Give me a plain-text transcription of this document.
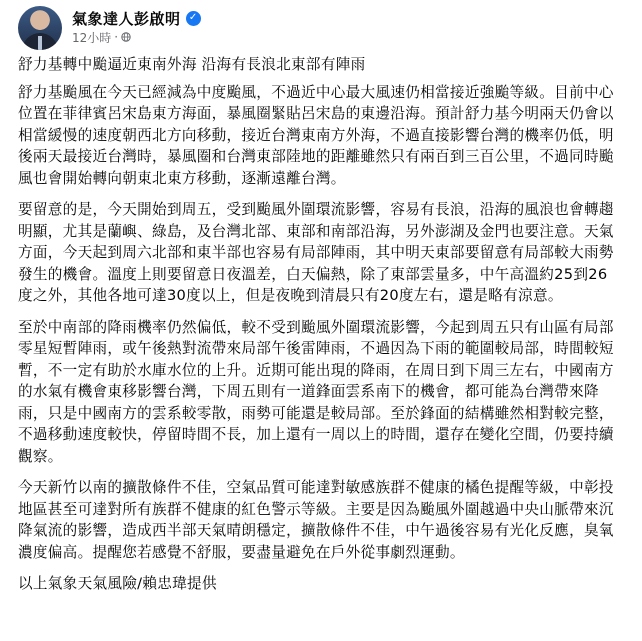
氣象達人彭啟明 ✓
12小時 ·

舒力基轉中颱逼近東南外海 沿海有長浪北東部有陣雨

舒力基颱風在今天已經減為中度颱風，不過近中心最大風速仍相當接近強颱等級。目前中心位置在菲律賓呂宋島東方海面，暴風圈緊貼呂宋島的東邊沿海。預計舒力基今明兩天仍會以相當緩慢的速度朝西北方向移動，接近台灣東南方外海，不過直接影響台灣的機率仍低，明後兩天最接近台灣時，暴風圈和台灣東部陸地的距離雖然只有兩百到三百公里，不過同時颱風也會開始轉向朝東北東方移動，逐漸遠離台灣。

要留意的是，今天開始到周五，受到颱風外圍環流影響，容易有長浪，沿海的風浪也會轉趨明顯，尤其是蘭嶼、綠島，及台灣北部、東部和南部沿海，另外澎湖及金門也要注意。天氣方面，今天起到周六北部和東半部也容易有局部陣雨，其中明天東部要留意有局部較大雨勢發生的機會。溫度上則要留意日夜溫差，白天偏熱，除了東部雲量多，中午高溫約25到26度之外，其他各地可達30度以上，但是夜晚到清晨只有20度左右，還是略有涼意。

至於中南部的降雨機率仍然偏低，較不受到颱風外圍環流影響，今起到周五只有山區有局部零星短暫陣雨，或午後熱對流帶來局部午後雷陣雨，不過因為下雨的範圍較局部，時間較短暫，不一定有助於水庫水位的上升。近期可能出現的降雨，在周日到下周三左右，中國南方的水氣有機會東移影響台灣，下周五則有一道鋒面雲系南下的機會，都可能為台灣帶來降雨，只是中國南方的雲系較零散，雨勢可能還是較局部。至於鋒面的結構雖然相對較完整，不過移動速度較快，停留時間不長，加上還有一周以上的時間，還存在變化空間，仍要持續觀察。

今天新竹以南的擴散條件不佳，空氣品質可能達對敏感族群不健康的橘色提醒等級，中彰投地區甚至可達對所有族群不健康的紅色警示等級。主要是因為颱風外圍越過中央山脈帶來沉降氣流的影響，造成西半部天氣晴朗穩定，擴散條件不佳，中午過後容易有光化反應，臭氧濃度偏高。提醒您若感覺不舒服，要盡量避免在戶外從事劇烈運動。

以上氣象天氣風險/賴忠瑋提供
